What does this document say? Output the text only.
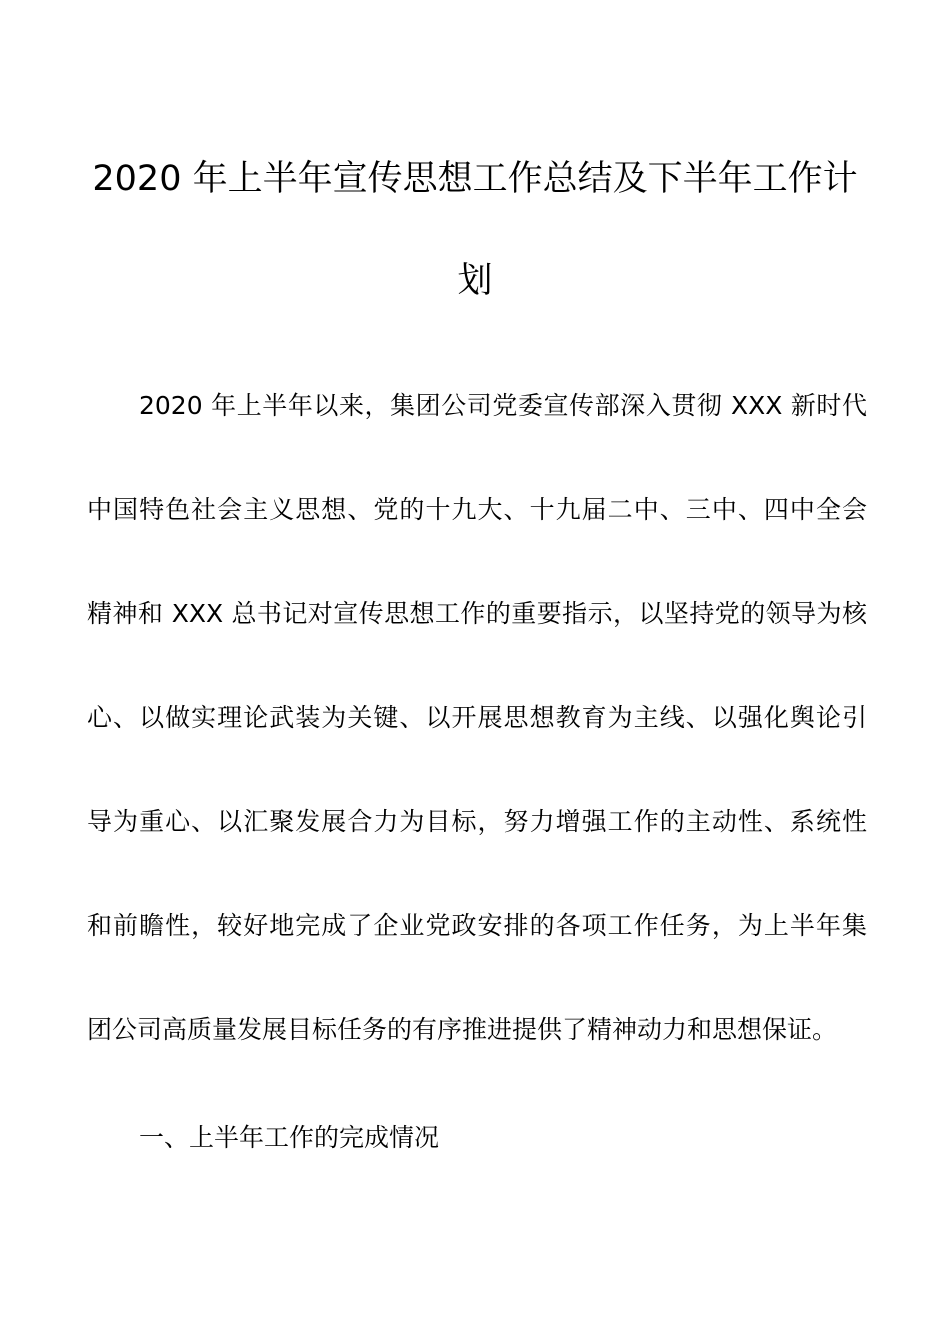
2020 年上半年宣传思想工作总结及下半年工作计
划
2020 年上半年以来，集团公司党委宣传部深入贯彻 XXX 新时代
中国特色社会主义思想、党的十九大、十九届二中、三中、四中全会
精神和 XXX 总书记对宣传思想工作的重要指示，以坚持党的领导为核
心、以做实理论武装为关键、以开展思想教育为主线、以强化舆论引
导为重心、以汇聚发展合力为目标，努力增强工作的主动性、系统性
和前瞻性，较好地完成了企业党政安排的各项工作任务，为上半年集
团公司高质量发展目标任务的有序推进提供了精神动力和思想保证。
一、上半年工作的完成情况
